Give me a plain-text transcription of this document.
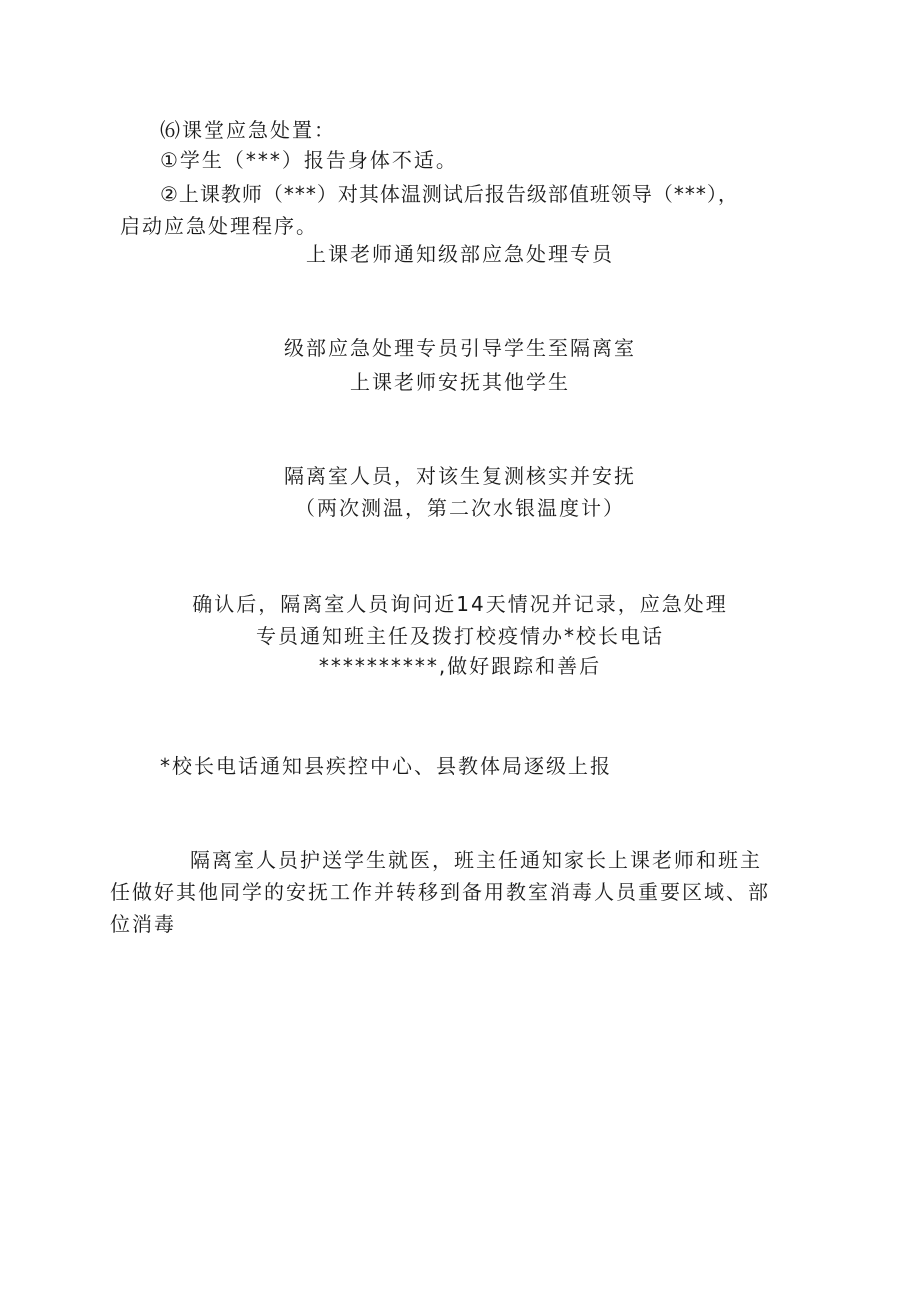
⑹课堂应急处置：
①学生（***）报告身体不适。
②上课教师（***）对其体温测试后报告级部值班领导（***），
启动应急处理程序。
上课老师通知级部应急处理专员
级部应急处理专员引导学生至隔离室
上课老师安抚其他学生
隔离室人员，对该生复测核实并安抚
（两次测温，第二次水银温度计）
确认后，隔离室人员询问近14天情况并记录，应急处理
专员通知班主任及拨打校疫情办*校长电话
**********,做好跟踪和善后
*校长电话通知县疾控中心、县教体局逐级上报
隔离室人员护送学生就医，班主任通知家长上课老师和班主
任做好其他同学的安抚工作并转移到备用教室消毒人员重要区域、部
位消毒
